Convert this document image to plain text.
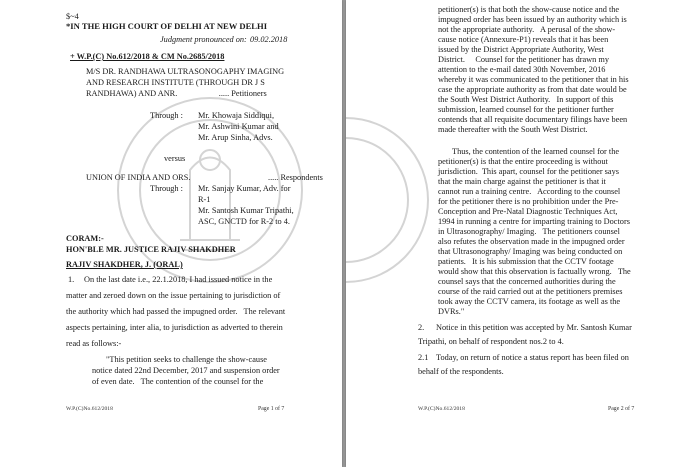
$~4
*IN THE HIGH COURT OF DELHI AT NEW DELHI
Judgment pronounced on: 09.02.2018
+ W.P.(C) No.612/2018 & CM No.2685/2018
M/S DR. RANDHAWA ULTRASONOGAPHY IMAGING
AND RESEARCH INSTITUTE (THROUGH DR J S
RANDHAWA) AND ANR.                    ..... Petitioners
Through : Mr. Khowaja Siddiqui,
Mr. Ashwini Kumar and
Mr. Arup Sinha, Advs.
versus
UNION OF INDIA AND ORS.	..... Respondents
Through : Mr. Sanjay Kumar, Adv. for
R-1
Mr. Santosh Kumar Tripathi,
ASC, GNCTD for R-2 to 4.
CORAM:-
HON'BLE MR. JUSTICE RAJIV SHAKDHER
RAJIV SHAKDHER, J. (ORAL)
1. On the last date i.e., 22.1.2018, I had issued notice in the
matter and zeroed down on the issue pertaining to jurisdiction of
the authority which had passed the impugned order.   The relevant
aspects pertaining, inter alia, to jurisdiction as adverted to therein
read as follows:-
"This petition seeks to challenge the show-cause
notice dated 22nd December, 2017 and suspension order
of even date.   The contention of the counsel for the
W.P.(C)No.612/2018	Page 1 of 7
petitioner(s) is that both the show-cause notice and the
impugned order has been issued by an authority which is
not the appropriate authority.   A perusal of the show-
cause notice (Annexure-P1) reveals that it has been
issued by the District Appropriate Authority, West
District.     Counsel for the petitioner has drawn my
attention to the e-mail dated 30th November, 2016
whereby it was communicated to the petitioner that in his
case the appropriate authority as from that date would be
the South West District Authority.   In support of this
submission, learned counsel for the petitioner further
contends that all requisite documentary filings have been
made thereafter with the South West District.
Thus, the contention of the learned counsel for the
petitioner(s) is that the entire proceeding is without
jurisdiction.  This apart, counsel for the petitioner says
that the main charge against the petitioner is that it
cannot run a training centre.   According to the counsel
for the petitioner there is no prohibition under the Pre-
Conception and Pre-Natal Diagnostic Techniques Act,
1994 in running a centre for imparting training to Doctors
in Ultrasonography/ Imaging.   The petitioners counsel
also refutes the observation made in the impugned order
that Ultrasonography/ Imaging was being conducted on
patients.   It is his submission that the CCTV footage
would show that this observation is factually wrong.   The
counsel says that the concerned authorities during the
course of the raid carried out at the petitioners premises
took away the CCTV camera, its footage as well as the
DVRs."
2. Notice in this petition was accepted by Mr. Santosh Kumar
Tripathi, on behalf of respondent nos.2 to 4.
2.1 Today, on return of notice a status report has been filed on
behalf of the respondents.
W.P.(C)No.612/2018	Page 2 of 7
